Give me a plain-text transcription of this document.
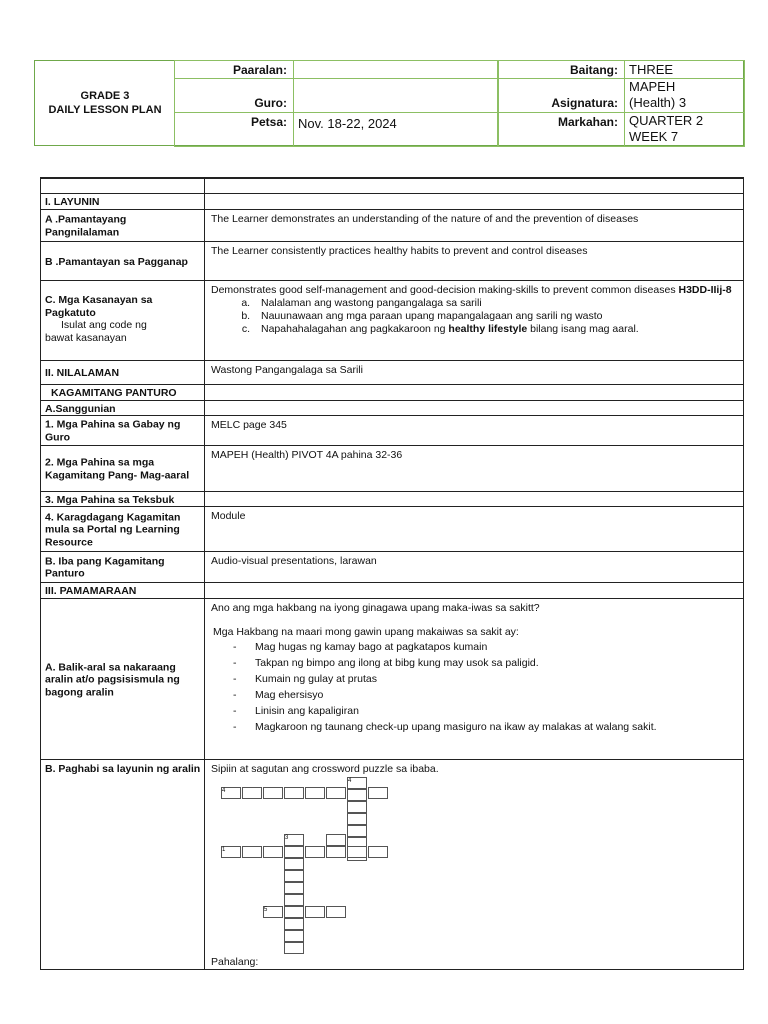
GRADE 3
DAILY LESSON PLAN
Paaralan:
Guro:
Petsa: Nov. 18-22, 2024
Baitang:
Asignatura:
Markahan:
THREE
MAPEH
(Health) 3
QUARTER 2
WEEK 7
I. LAYUNIN
A .Pamantayang Pangnilalaman
The Learner demonstrates an understanding of the nature of and the prevention of diseases
B .Pamantayan sa Pagganap
The Learner consistently practices healthy habits to prevent and control diseases
C. Mga Kasanayan sa Pagkatuto
Isulat ang code ng
bawat kasanayan
Demonstrates good self-management and good-decision making-skills to prevent common diseases H3DD-IIij-8
a. Nalalaman ang wastong pangangalaga sa sarili
b. Nauunawaan ang mga paraan upang mapangalagaan ang sarili ng wasto
c. Napahahalagahan ang pagkakaroon ng healthy lifestyle bilang isang mag aaral.
II. NILALAMAN	Wastong Pangangalaga sa Sarili
KAGAMITANG PANTURO
A.Sanggunian
1. Mga Pahina sa Gabay ng Guro
MELC page 345
2. Mga Pahina sa mga Kagamitang Pang- Mag-aaral
MAPEH (Health) PIVOT 4A pahina 32-36
3. Mga Pahina sa Teksbuk
4. Karagdagang Kagamitan mula sa Portal ng Learning Resource
Module
B. Iba pang Kagamitang Panturo
Audio-visual presentations, larawan
III. PAMAMARAAN
A. Balik-aral sa nakaraang aralin at/o pagsisismula ng bagong aralin
Ano ang mga hakbang na iyong ginagawa upang maka-iwas sa sakitt?
Mga Hakbang na maari mong gawin upang makaiwas sa sakit ay:
- Mag hugas ng kamay bago at pagkatapos kumain
- Takpan ng bimpo ang ilong at bibg kung may usok sa paligid.
- Kumain ng gulay at prutas
- Mag ehersisyo
- Linisin ang kapaligiran
- Magkaroon ng taunang check-up upang masiguro na ikaw ay malakas at walang sakit.
B. Paghabi sa layunin ng aralin Sipiin at sagutan ang crossword puzzle sa ibaba.
4
4
1
3
5
Pahalang:
